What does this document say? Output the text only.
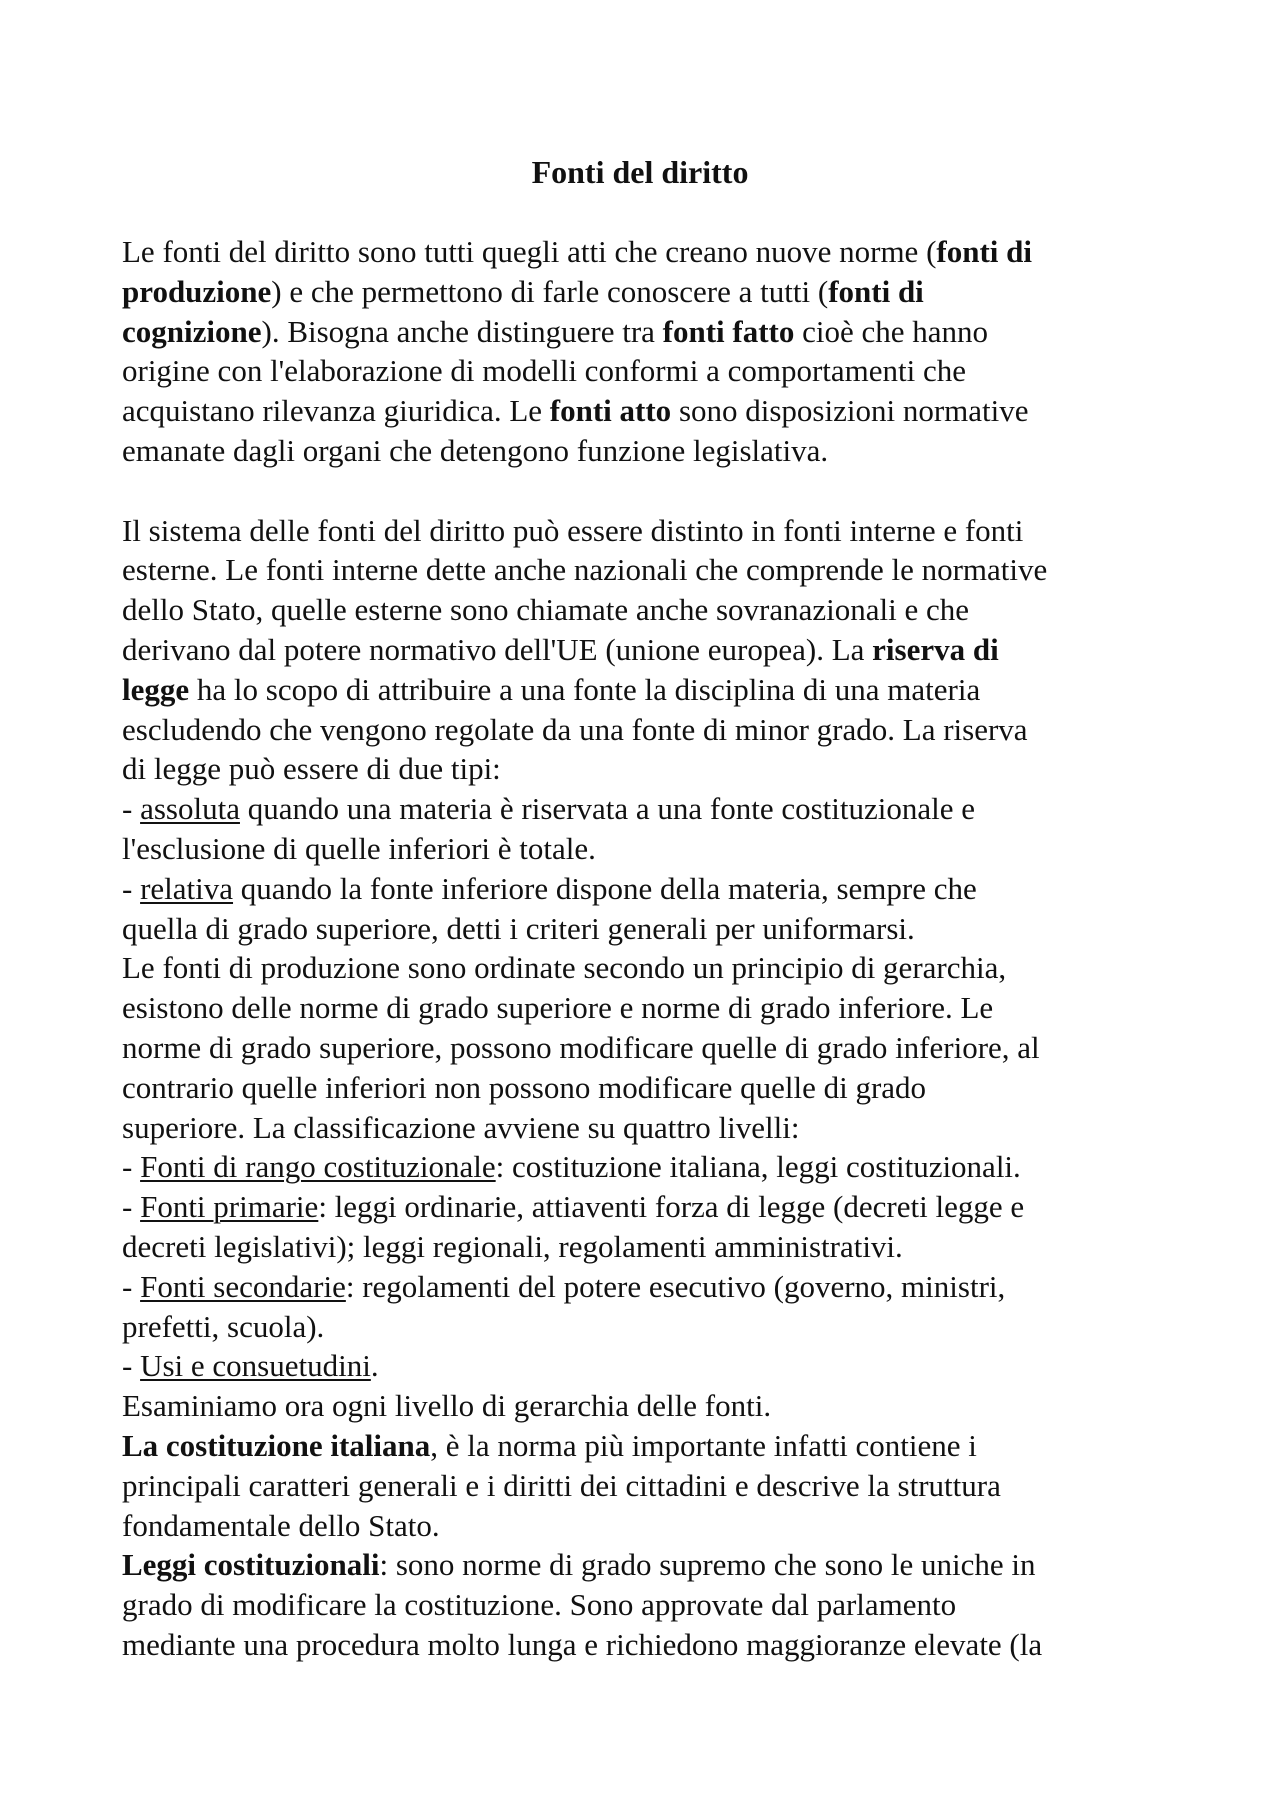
Fonti del diritto

Le fonti del diritto sono tutti quegli atti che creano nuove norme (fonti di
produzione) e che permettono di farle conoscere a tutti (fonti di
cognizione). Bisogna anche distinguere tra fonti fatto cioè che hanno
origine con l'elaborazione di modelli conformi a comportamenti che
acquistano rilevanza giuridica. Le fonti atto sono disposizioni normative
emanate dagli organi che detengono funzione legislativa.

Il sistema delle fonti del diritto può essere distinto in fonti interne e fonti
esterne. Le fonti interne dette anche nazionali che comprende le normative
dello Stato, quelle esterne sono chiamate anche sovranazionali e che
derivano dal potere normativo dell'UE (unione europea). La riserva di
legge ha lo scopo di attribuire a una fonte la disciplina di una materia
escludendo che vengono regolate da una fonte di minor grado. La riserva
di legge può essere di due tipi:
- assoluta quando una materia è riservata a una fonte costituzionale e
l'esclusione di quelle inferiori è totale.
- relativa quando la fonte inferiore dispone della materia, sempre che
quella di grado superiore, detti i criteri generali per uniformarsi.
Le fonti di produzione sono ordinate secondo un principio di gerarchia,
esistono delle norme di grado superiore e norme di grado inferiore. Le
norme di grado superiore, possono modificare quelle di grado inferiore, al
contrario quelle inferiori non possono modificare quelle di grado
superiore. La classificazione avviene su quattro livelli:
- Fonti di rango costituzionale: costituzione italiana, leggi costituzionali.
- Fonti primarie: leggi ordinarie, attiaventi forza di legge (decreti legge e
decreti legislativi); leggi regionali, regolamenti amministrativi.
- Fonti secondarie: regolamenti del potere esecutivo (governo, ministri,
prefetti, scuola).
- Usi e consuetudini.
Esaminiamo ora ogni livello di gerarchia delle fonti.
La costituzione italiana, è la norma più importante infatti contiene i
principali caratteri generali e i diritti dei cittadini e descrive la struttura
fondamentale dello Stato.
Leggi costituzionali: sono norme di grado supremo che sono le uniche in
grado di modificare la costituzione. Sono approvate dal parlamento
mediante una procedura molto lunga e richiedono maggioranze elevate (la
